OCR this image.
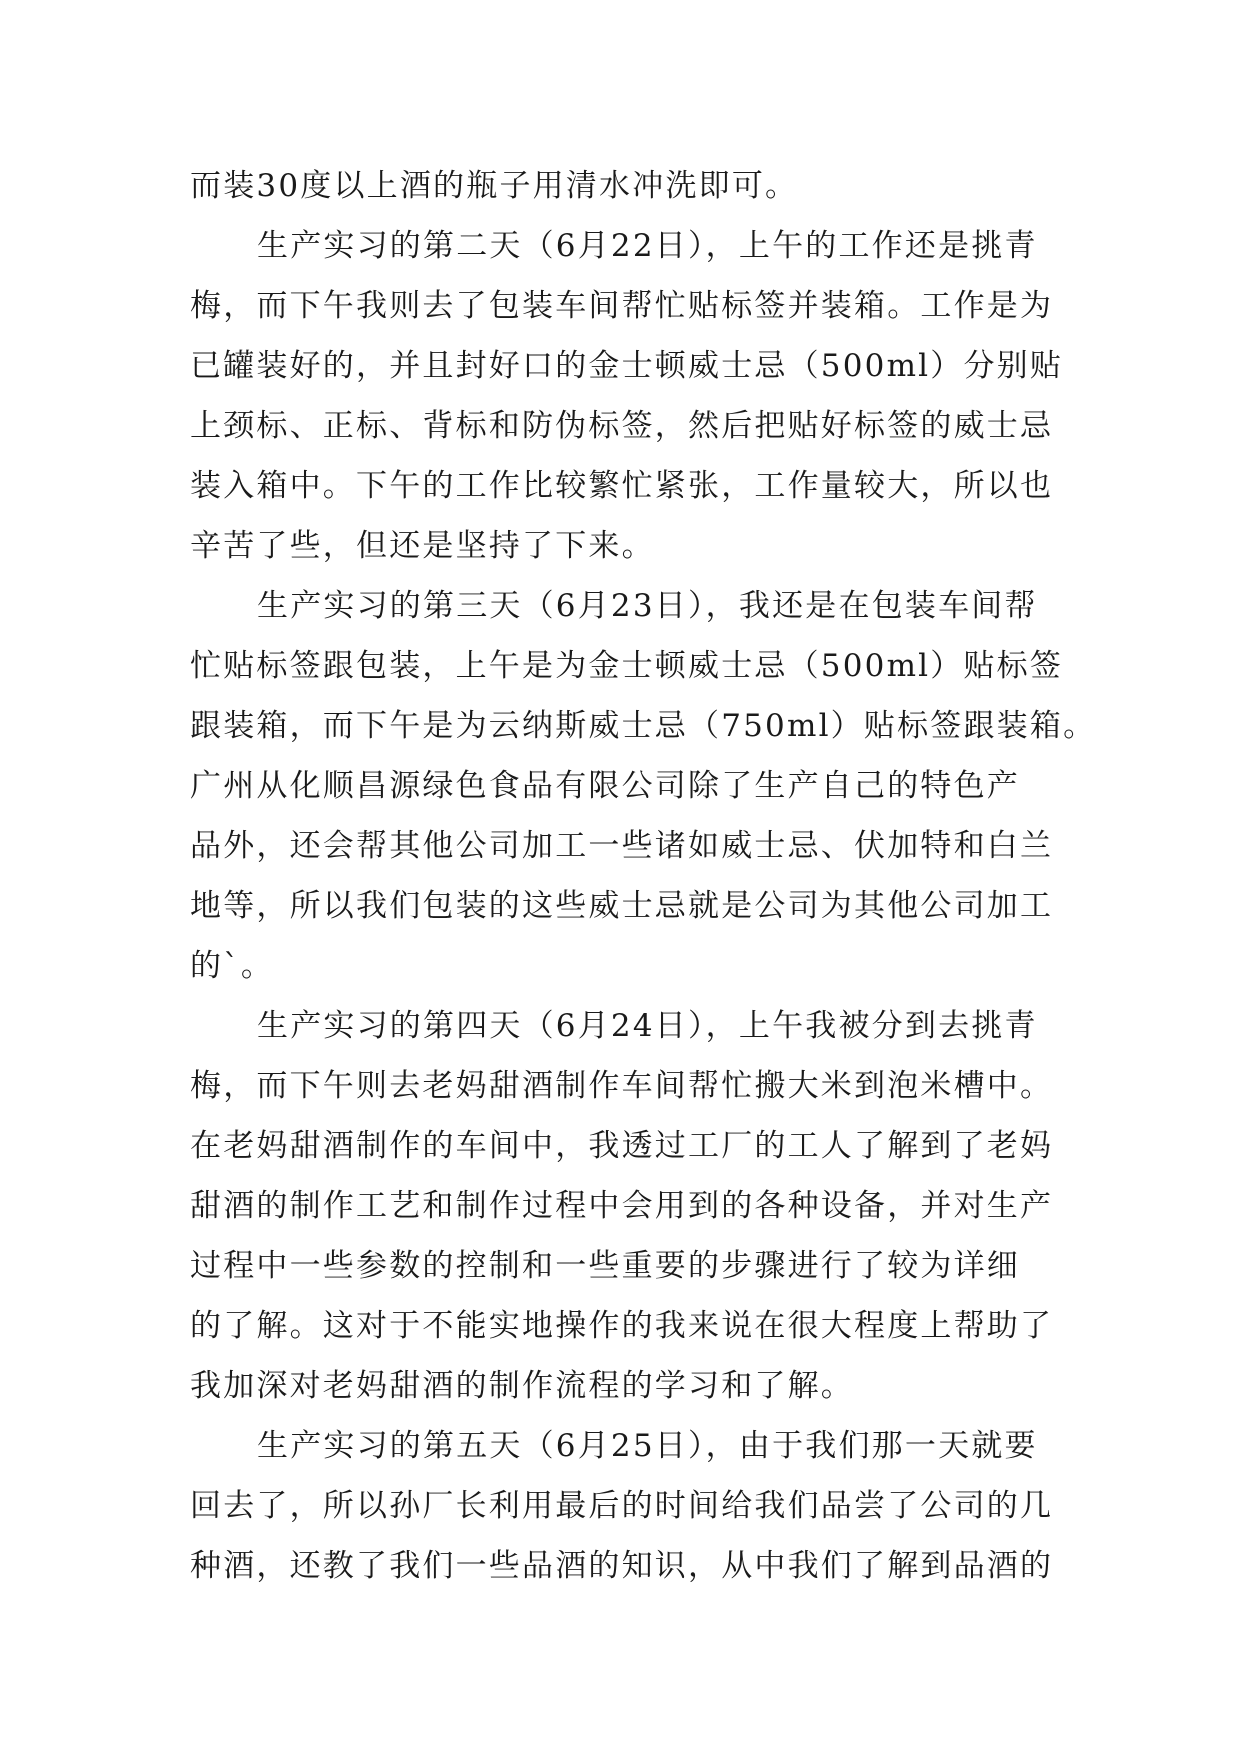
而装30度以上酒的瓶子用清水冲洗即可。

生产实习的第二天（6月22日），上午的工作还是挑青

梅，而下午我则去了包装车间帮忙贴标签并装箱。工作是为

已罐装好的，并且封好口的金士顿威士忌（500ml）分别贴

上颈标、正标、背标和防伪标签，然后把贴好标签的威士忌

装入箱中。下午的工作比较繁忙紧张，工作量较大，所以也

辛苦了些，但还是坚持了下来。

生产实习的第三天（6月23日），我还是在包装车间帮

忙贴标签跟包装，上午是为金士顿威士忌（500ml）贴标签

跟装箱，而下午是为云纳斯威士忌（750ml）贴标签跟装箱。

广州从化顺昌源绿色食品有限公司除了生产自己的特色产

品外，还会帮其他公司加工一些诸如威士忌、伏加特和白兰

地等，所以我们包装的这些威士忌就是公司为其他公司加工

的`。

生产实习的第四天（6月24日），上午我被分到去挑青

梅，而下午则去老妈甜酒制作车间帮忙搬大米到泡米槽中。

在老妈甜酒制作的车间中，我透过工厂的工人了解到了老妈

甜酒的制作工艺和制作过程中会用到的各种设备，并对生产

过程中一些参数的控制和一些重要的步骤进行了较为详细

的了解。这对于不能实地操作的我来说在很大程度上帮助了

我加深对老妈甜酒的制作流程的学习和了解。

生产实习的第五天（6月25日），由于我们那一天就要

回去了，所以孙厂长利用最后的时间给我们品尝了公司的几

种酒，还教了我们一些品酒的知识，从中我们了解到品酒的
